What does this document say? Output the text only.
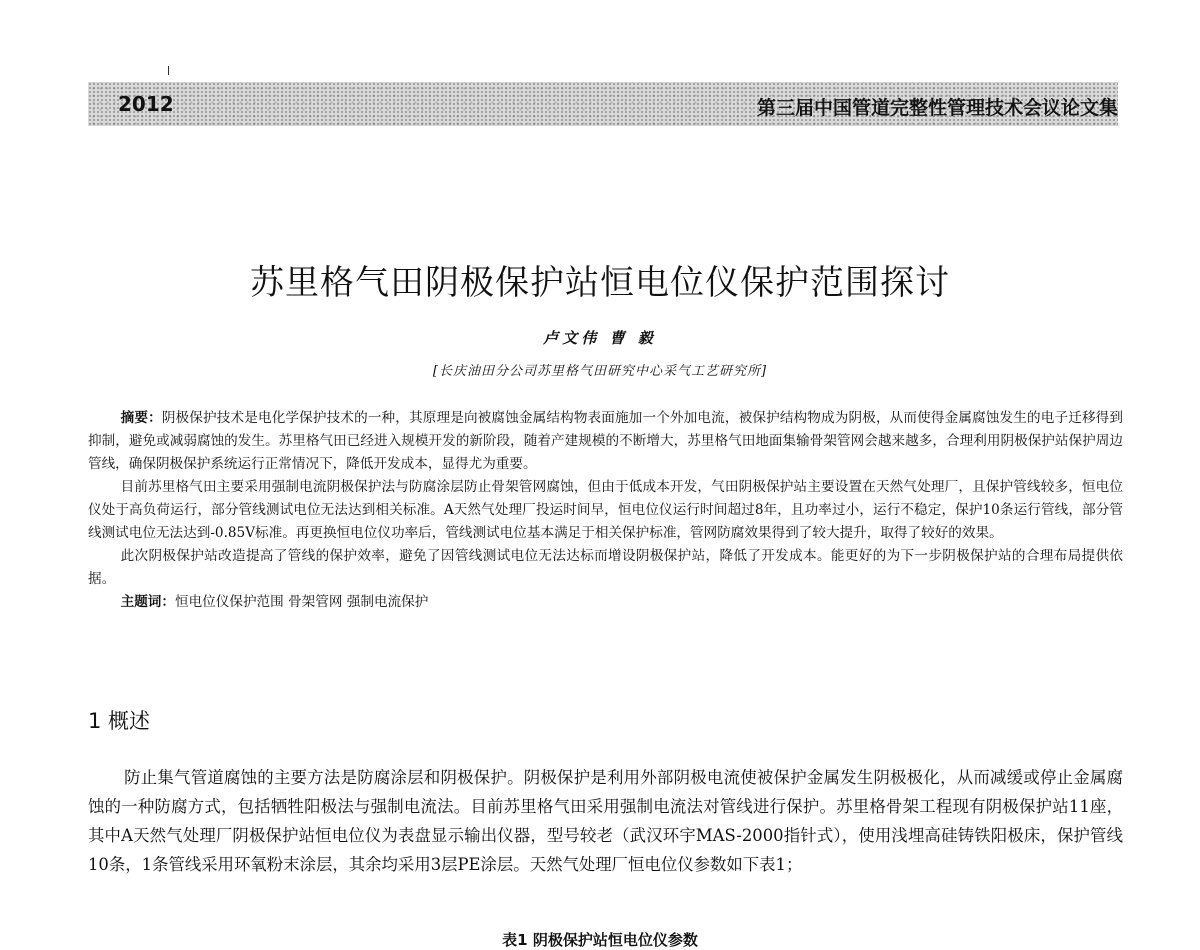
2012	第三届中国管道完整性管理技术会议论文集
苏里格气田阴极保护站恒电位仪保护范围探讨
卢文伟 曹 毅
[长庆油田分公司苏里格气田研究中心采气工艺研究所]

摘要：阴极保护技术是电化学保护技术的一种，其原理是向被腐蚀金属结构物表面施加一个外加电流，被保护结构物成为阴极，从而使得金属腐蚀发生的电子迁移得到抑制，避免或减弱腐蚀的发生。苏里格气田已经进入规模开发的新阶段，随着产建规模的不断增大，苏里格气田地面集输骨架管网会越来越多，合理利用阴极保护站保护周边管线，确保阴极保护系统运行正常情况下，降低开发成本，显得尤为重要。

目前苏里格气田主要采用强制电流阴极保护法与防腐涂层防止骨架管网腐蚀，但由于低成本开发，气田阴极保护站主要设置在天然气处理厂，且保护管线较多，恒电位仪处于高负荷运行，部分管线测试电位无法达到相关标准。A天然气处理厂投运时间早，恒电位仪运行时间超过8年，且功率过小，运行不稳定，保护10条运行管线，部分管线测试电位无法达到-0.85V标准。再更换恒电位仪功率后，管线测试电位基本满足于相关保护标准，管网防腐效果得到了较大提升，取得了较好的效果。

此次阴极保护站改造提高了管线的保护效率，避免了因管线测试电位无法达标而增设阴极保护站，降低了开发成本。能更好的为下一步阴极保护站的合理布局提供依据。

主题词：恒电位仪保护范围 骨架管网 强制电流保护

1 概述

防止集气管道腐蚀的主要方法是防腐涂层和阴极保护。阴极保护是利用外部阴极电流使被保护金属发生阴极极化，从而减缓或停止金属腐蚀的一种防腐方式，包括牺牲阳极法与强制电流法。目前苏里格气田采用强制电流法对管线进行保护。苏里格骨架工程现有阴极保护站11座，其中A天然气处理厂阴极保护站恒电位仪为表盘显示输出仪器，型号较老（武汉环宇MAS-2000指针式），使用浅埋高硅铸铁阳极床，保护管线10条，1条管线采用环氧粉末涂层，其余均采用3层PE涂层。天然气处理厂恒电位仪参数如下表1；

表1 阴极保护站恒电位仪参数
